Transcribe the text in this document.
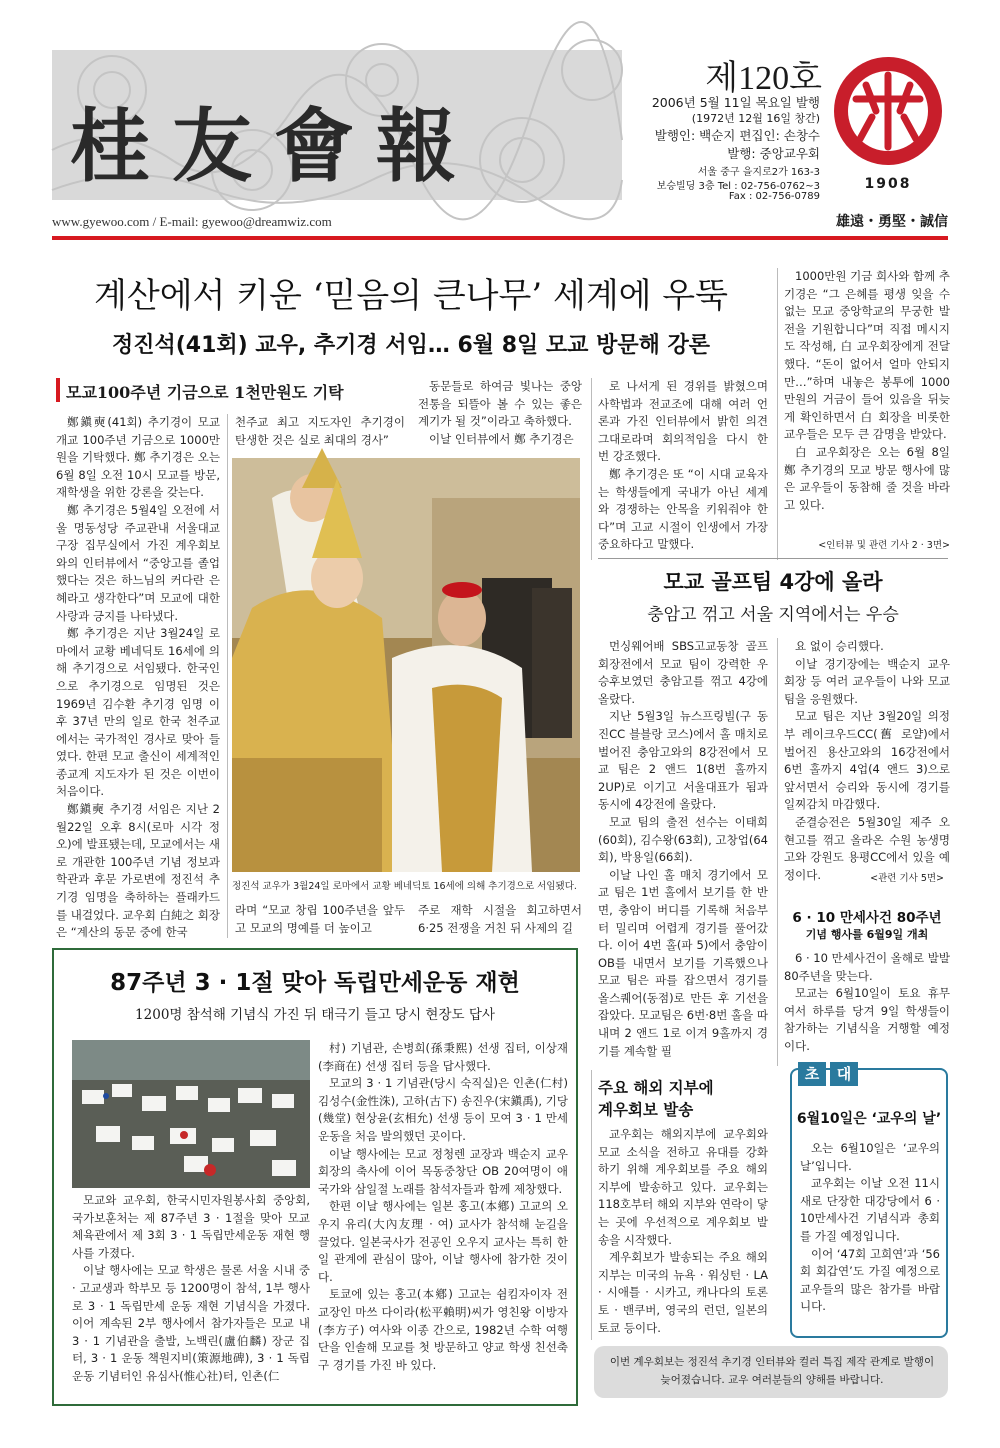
桂友會報
제120호
2006년 5월 11일 목요일 발행
(1972년 12월 16일 창간)
발행인: 백순지 편집인: 손창수
발행: 중앙교우회
서울 중구 을지로2가 163-3
보승빌딩 3층 Tel : 02-756-0762~3
Fax : 02-756-0789
1908
www.gyewoo.com / E-mail: gyewoo@dreamwiz.com	雄遠・勇堅・誠信
계산에서 키운 ‘믿음의 큰나무’ 세계에 우뚝
정진석(41회) 교우, 추기경 서임… 6월 8일 모교 방문해 강론
모교100주년 기금으로 1천만원도 기탁

鄭鎭奭(41회) 추기경이 모교 개교 100주년 기금으로 1000만원을 기탁했다. 鄭 추기경은 오는 6월 8일 오전 10시 모교를 방문, 재학생을 위한 강론을 갖는다.

鄭 추기경은 5월4일 오전에 서울 명동성당 주교관내 서울대교구장 집무실에서 가진 계우회보와의 인터뷰에서 “중앙고를 졸업했다는 것은 하느님의 커다란 은혜라고 생각한다”며 모교에 대한 사랑과 긍지를 나타냈다.

鄭 추기경은 지난 3월24일 로마에서 교황 베네딕토 16세에 의해 추기경으로 서임됐다. 한국인으로 추기경으로 임명된 것은 1969년 김수환 추기경 임명 이후 37년 만의 일로 한국 천주교에서는 국가적인 경사로 맞아 들였다. 한편 모교 출신이 세계적인 종교계 지도자가 된 것은 이번이 처음이다.

鄭鎭奭 추기경 서임은 지난 2월22일 오후 8시(로마 시각 정오)에 발표됐는데, 모교에서는 새로 개관한 100주년 기념 정보과학관과 후문 가로변에 정진석 추기경 임명을 축하하는 플래카드를 내걸었다. 교우회 白純之 회장은 “계산의 동문 중에 한국

천주교 최고 지도자인 추기경이 탄생한 것은 실로 최대의 경사”

동문들로 하여금 빛나는 중앙 전통을 되뜰아 볼 수 있는 좋은 계기가 될 것”이라고 축하했다.

이날 인터뷰에서 鄭 추기경은

정진석 교우가 3월24일 로마에서 교황 베네딕토 16세에 의해 추기경으로 서임됐다.
라며 “모교 창립 100주년을 앞두고 모교의 명예를 더 높이고
주로 재학 시절을 회고하면서 6·25 전쟁을 거친 뒤 사제의 길

로 나서게 된 경위를 밝혔으며 사학법과 전교조에 대해 여러 언론과 가진 인터뷰에서 밝힌 의견 그대로라며 회의적임을 다시 한 번 강조했다.

鄭 추기경은 또 “이 시대 교육자는 학생들에게 국내가 아닌 세계와 경쟁하는 안목을 키워줘야 한다”며 고교 시절이 인생에서 가장 중요하다고 말했다.

1000만원 기금 희사와 함께 추기경은 “그 은혜를 평생 잊을 수 없는 모교 중앙학교의 무궁한 발전을 기원합니다”며 직접 메시지도 작성해, 白 교우회장에게 전달했다. “돈이 없어서 얼마 안되지만…”하며 내놓은 봉투에 1000만원의 거금이 들어 있음을 뒤늦게 확인하면서 白 회장을 비롯한 교우들은 모두 큰 감명을 받았다.

白 교우회장은 오는 6월 8일 鄭 추기경의 모교 방문 행사에 많은 교우들이 동참해 줄 것을 바라고 있다.

<인터뷰 및 관련 기사 2 · 3면>
모교 골프팀 4강에 올라
충암고 꺾고 서울 지역에서는 우승

먼싱웨어배 SBS고교동창 골프회장전에서 모교 팀이 강력한 우승후보였던 충암고를 꺾고 4강에 올랐다.

지난 5월3일 뉴스프링빌(구 동진CC 블블랑 코스)에서 홀 매치로 벌어진 충암고와의 8강전에서 모교 팀은 2 앤드 1(8번 홀까지 2UP)로 이기고 서울대표가 됨과 동시에 4강전에 올랐다.

모교 팀의 출전 선수는 이태희(60회), 김수왕(63회), 고창업(64회), 박용일(66회).

이날 나인 홀 매치 경기에서 모교 팀은 1번 홀에서 보기를 한 반면, 충암이 버디를 기록해 처음부터 밀리며 어렵게 경기를 풀어갔다. 이어 4번 홀(파 5)에서 충암이 OB를 내면서 보기를 기록했으나 모교 팀은 파를 잡으면서 경기를 올스퀘어(동점)로 만든 후 기선을 잡았다. 모교팀은 6번·8번 홀을 따내며 2 앤드 1로 이겨 9홀까지 경기를 계속할 필

요 없이 승리했다.

이날 경기장에는 백순지 교우회장 등 여러 교우들이 나와 모교 팀을 응원했다.

모교 팀은 지난 3월20일 의정부 레이크우드CC(舊 로얄)에서 벌어진 용산고와의 16강전에서 6번 홀까지 4업(4 앤드 3)으로 앞서면서 승리와 동시에 경기를 일찌감치 마감했다.

준결승전은 5월30일 제주 오현고를 꺾고 올라온 수원 농생명고와 강원도 용평CC에서 있을 예정이다.	<관련 기사 5면>
6 · 10 만세사건 80주년
기념 행사를 6월9일 개최

6 · 10 만세사건이 올해로 발발 80주년을 맞는다.

모교는 6월10일이 토요 휴무여서 하루를 당겨 9일 학생들이 참가하는 기념식을 거행할 예정이다.

87주년 3 · 1절 맞아 독립만세운동 재현
1200명 참석해 기념식 가진 뒤 태극기 들고 당시 현장도 답사

모교와 교우회, 한국시민자원봉사회 중앙회, 국가보훈처는 제 87주년 3 · 1절을 맞아 모교 체육관에서 제 3회 3 · 1 독립만세운동 재현 행사를 가졌다.

이날 행사에는 모교 학생은 물론 서울 시내 중 · 고교생과 학부모 등 1200명이 참석, 1부 행사로 3 · 1 독립만세 운동 재현 기념식을 가졌다. 이어 계속된 2부 행사에서 참가자들은 모교 내 3 · 1 기념관을 출발, 노백린(盧伯麟) 장군 집터, 3 · 1 운동 책원지비(策源地碑), 3 · 1 독립운동 기념터인 유심사(惟心社)터, 인촌(仁

村) 기념관, 손병희(孫秉熙) 선생 집터, 이상재(李商在) 선생 집터 등을 답사했다.

모교의 3 · 1 기념관(당시 숙직실)은 인촌(仁村) 김성수(金性洙), 고하(古下) 송진우(宋鎭禹), 기당(幾堂) 현상윤(玄相允) 선생 등이 모여 3 · 1 만세 운동을 처음 발의했던 곳이다.

이날 행사에는 모교 정청렌 교장과 백순지 교우회장의 축사에 이어 목동중창단 OB 20여명이 애국가와 삼일절 노래를 참석자들과 함께 제창했다.

한편 이날 행사에는 일본 홍고(本鄕) 고교의 오우지 유리(大內友理 · 여) 교사가 참석해 눈길을 끌었다. 일본국사가 전공인 오우지 교사는 특히 한일 관계에 관심이 많아, 이날 행사에 참가한 것이다.

토쿄에 있는 홍고(本鄕) 고교는 쉼킴자이자 전 교장인 마쓰 다이라(松平賴明)씨가 영친왕 이방자(李方子) 여사와 이종 간으로, 1982년 수학 여행단을 인솔해 모교를 첫 방문하고 양교 학생 친선축구 경기를 가진 바 있다.

주요 해외 지부에
계우회보 발송

교우회는 해외지부에 교우회와 모교 소식을 전하고 유대를 강화하기 위해 계우회보를 주요 해외 지부에 발송하고 있다. 교우회는 118호부터 해외 지부와 연락이 닿는 곳에 우선적으로 계우회보 발송을 시작했다.

계우회보가 발송되는 주요 해외 지부는 미국의 뉴욕 · 워싱턴 · LA · 시애틀 · 시카고, 캐나다의 토론토 · 밴쿠버, 영국의 런던, 일본의 토쿄 등이다.

초	대
6월10일은 ‘교우의 날’

오는 6월10일은 ‘교우의 날’입니다.

교우회는 이날 오전 11시 새로 단장한 대강당에서 6 · 10만세사건 기념식과 총회를 가질 예정입니다.

이어 ‘47회 고희연’과 ‘56회 회갑연’도 가질 예정으로 교우들의 많은 참가를 바랍니다.

이번 계우회보는 정진석 추기경 인터뷰와 컬러 특집 제작 관계로 발행이
늦어졌습니다. 교우 여러분들의 양해를 바랍니다.
